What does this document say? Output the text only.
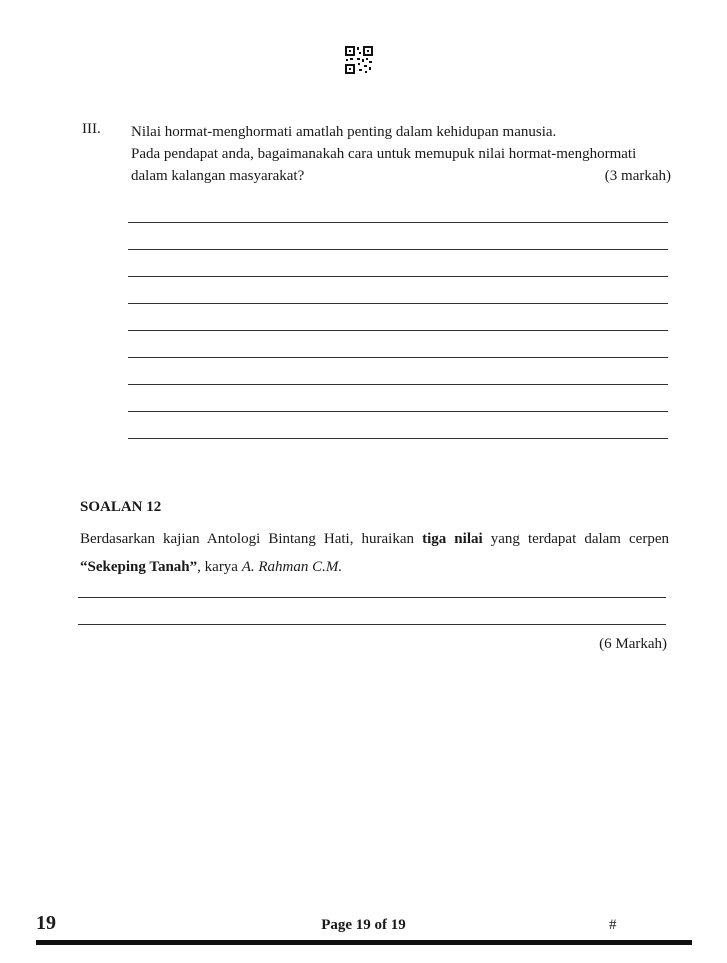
III. Nilai hormat-menghormati amatlah penting dalam kehidupan manusia.
Pada pendapat anda, bagaimanakah cara untuk memupuk nilai hormat-menghormati
dalam kalangan masyarakat?	(3 markah)
SOALAN 12
Berdasarkan kajian Antologi Bintang Hati, huraikan tiga nilai yang terdapat dalam cerpen “Sekeping Tanah”, karya A. Rahman C.M.
(6 Markah)
19	Page 19 of 19	#
